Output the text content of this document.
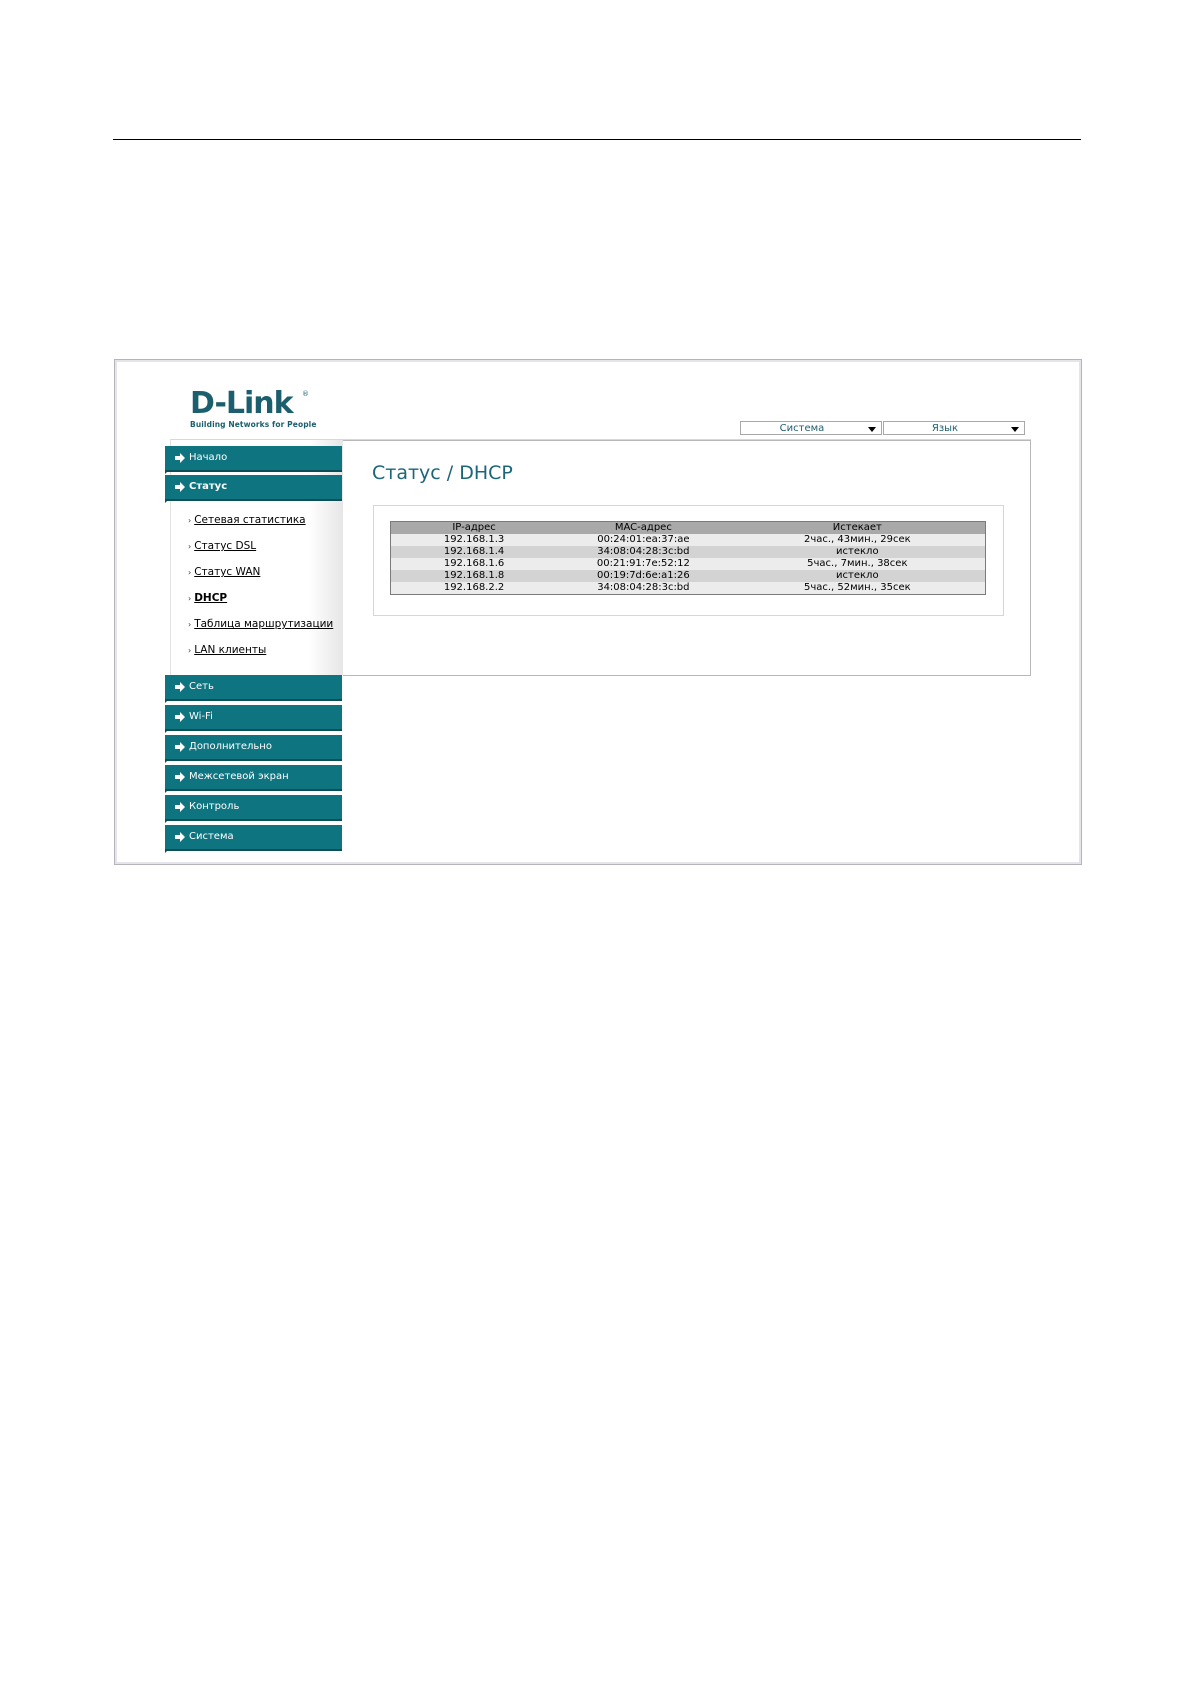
D-Link	®
Building Networks for People	Система	Язык
Начало
Статус
› Сетевая статистика
› Статус DSL
› Статус WAN
› DHCP
› Таблица маршрутизации
› LAN клиенты
Сеть
Wi-Fi
Дополнительно
Межсетевой экран
Контроль
Система
Статус / DHCP
IP-адрес	MAC-адрес	Истекает
192.168.1.3	00:24:01:ea:37:ae	2час., 43мин., 29сек
192.168.1.4	34:08:04:28:3c:bd	истекло
192.168.1.6	00:21:91:7e:52:12	5час., 7мин., 38сек
192.168.1.8	00:19:7d:6e:a1:26	истекло
192.168.2.2	34:08:04:28:3c:bd	5час., 52мин., 35сек
